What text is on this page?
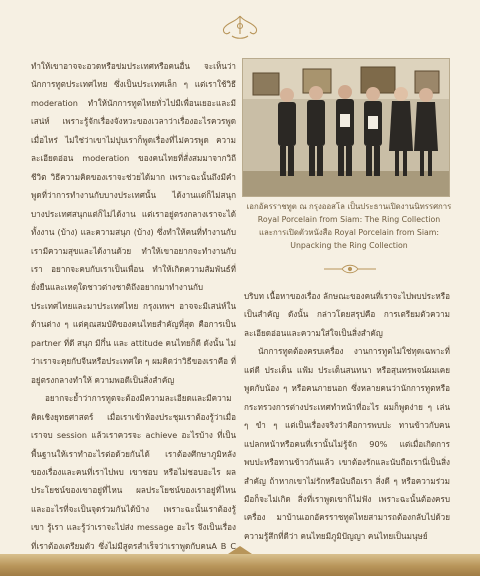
ทำให้เขาอาจจะอวดหรือข่มประเทศหรือคนอื่น จะเห็นว่านักการทูตประเทศไทย ซึ่งเป็นประเทศเล็ก ๆ แต่เราใช้วิธี moderation ทำให้นักการทูตไทยทั่วไปมีเพื่อนเยอะและมีเสน่ห์ เพราะรู้จักเรื่องจังหวะของเวลาว่าเรื่องอะไรควรพูดเมื่อไหร่ ไม่ใช่ว่าเขาไม่ปุบเราก็พูดเรื่องที่ไม่ควรพูด ความละเอียดอ่อน moderation ของคนไทยที่สั่งสมมาจากวิถีชีวิต วิธีความคิดของเราจะช่วยได้มาก เพราะฉะนั้นถึงมีคำพูดที่ว่าการทำงานกับบางประเทศนั้น ได้งานแต่ก็ไม่สนุก บางประเทศสนุกแต่ก็ไม่ได้งาน แต่เราอยู่ตรงกลางเราจะได้ทั้งงาน (บ้าง) และความสนุก (บ้าง) ซึ่งทำให้คนที่ทำงานกับเรามีความสุขและได้งานด้วย ทำให้เขาอยากจะทำงานกับเรา อยากจะคบกับเราเป็นเพื่อน ทำให้เกิดความสัมพันธ์ที่ยั่งยืนและเหตุใดชาวต่างชาติถึงอยากมาทำงานกับประเทศไทยและมาประเทศไทย กรุงเทพฯ อาจจะมีเสน่ห์ในด้านต่าง ๆ แต่คุณสมบัติของคนไทยสำคัญที่สุด คือการเป็น partner ที่ดี สนุก มีกึ๋น และ attitude คนไทยก็ดี ดังนั้น ไม่ว่าเราจะคุยกับจีนหรือประเทศใด ๆ ผมคิดว่าวิธีของเราคือ ที่อยู่ตรงกลางทำให้ ความพอดีเป็นสิ่งสำคัญ

อยากจะย้ำว่าการทูตจะต้องมีความละเอียดและมีความคิดเชิงยุทธศาสตร์ เมื่อเราเข้าห้องประชุมเราต้องรู้ว่าเมื่อเราจบ session แล้วเราควรจะ achieve อะไรบ้าง ที่เป็นพื้นฐานให้เราทำอะไรต่อด้วยกันได้ เราต้องศึกษาภูมิหลังของเรื่องและคนที่เราไปพบ เขาชอบ หรือไม่ชอบอะไร ผลประโยชน์ของเขาอยู่ที่ไหน ผลประโยชน์ของเราอยู่ที่ไหน และอะไรที่จะเป็นจุดร่วมกันได้บ้าง เพราะฉะนั้นเราต้องรู้เขา รู้เรา และรู้ว่าเราจะไปส่ง message อะไร จึงเป็นเรื่องที่เราต้องเตรียมตัว ซึ่งไม่มีสูตรสำเร็จว่าเราพูดกับคนA B C

เอกอัครราชทูต ณ กรุงออสโล เป็นประธานเปิดงานนิทรรศการ
Royal Porcelain from Siam: The Ring Collection
และการเปิดตัวหนังสือ Royal Porcelain from Siam:
Unpacking the Ring Collection

บริบท เนื้อหาของเรื่อง ลักษณะของคนที่เราจะไปพบประหรือเป็นสำคัญ ดังนั้น กล่าวโดยสรุปคือ การเตรียมตัวความละเอียดอ่อนและความใส่ใจเป็นสิ่งสำคัญ

นักการทูตต้องครบเครื่อง งานการทูตไม่ใช่ทุดเฉพาะที่แต่ดี ประเด็น แฟ้ม ประเด็นสนทนา หรือสุนทรพจน์ผมเคยพูดกับน้อง ๆ หรือคนภายนอก ซึ่งหลายคนว่านักการทูตหรือกระทรวงการต่างประเทศทำหน้าที่อะไร ผมก็พูดง่าย ๆ เล่น ๆ ขำ ๆ แต่เป็นเรื่องจริงว่าคือการพบปะ ทานข้าวกับคนแปลกหน้าหรือคนที่เรานั้นไม่รู้จัก 90% แต่เมื่อเกิดการพบปะหรือทานข้าวกันแล้ว เขาต้องรักและนับถือเรานี่เป็นสิ่งสำคัญ ถ้าหากเขาไม่รักหรือนับถือเรา สิ่งดี ๆ หรือความร่วมมือก็จะไม่เกิด สิ่งที่เราพูดเขาก็ไม่ฟัง เพราะฉะนั้นต้องครบเครื่อง มาบ้านเอกอัครราชทูตไทยสามารถต้องกลับไปด้วยความรู้สึกที่ดีว่า คนไทยมีภูมิปัญญา คนไทยเป็นมนุษย์
